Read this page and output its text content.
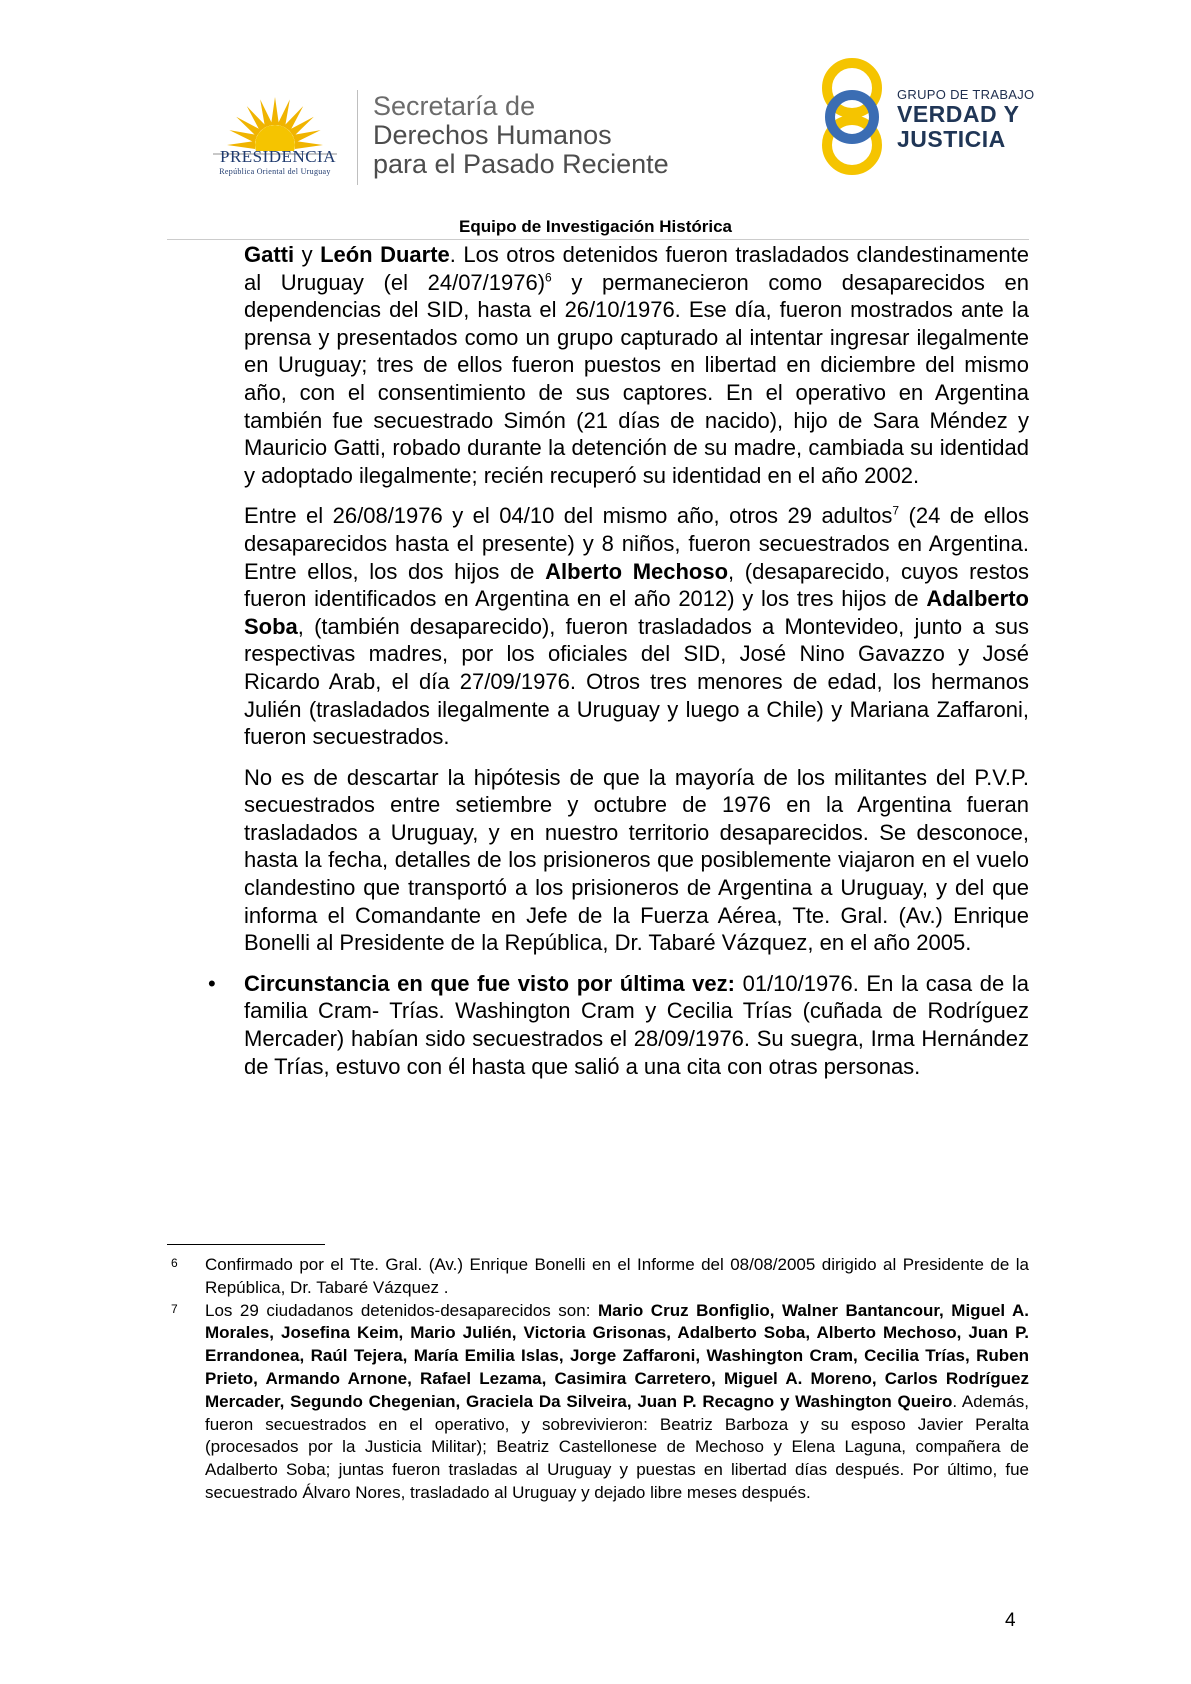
PRESIDENCIA
República Oriental del Uruguay
Secretaría de
Derechos Humanos
para el Pasado Reciente
GRUPO DE TRABAJO
VERDAD Y
JUSTICIA
Equipo de Investigación Histórica

Gatti y León Duarte. Los otros detenidos fueron trasladados clandestinamente al Uruguay (el 24/07/1976)$^6$ y permanecieron como desaparecidos en dependencias del SID, hasta el 26/10/1976. Ese día, fueron mostrados ante la prensa y presentados como un grupo capturado al intentar ingresar ilegalmente en Uruguay; tres de ellos fueron puestos en libertad en diciembre del mismo año, con el consentimiento de sus captores. En el operativo en Argentina también fue secuestrado Simón (21 días de nacido), hijo de Sara Méndez y Mauricio Gatti, robado durante la detención de su madre, cambiada su identidad y adoptado ilegalmente; recién recuperó su identidad en el año 2002.

Entre el 26/08/1976 y el 04/10 del mismo año, otros 29 adultos$^7$ (24 de ellos desaparecidos hasta el presente) y 8 niños, fueron secuestrados en Argentina. Entre ellos, los dos hijos de Alberto Mechoso, (desaparecido, cuyos restos fueron identificados en Argentina en el año 2012) y los tres hijos de Adalberto Soba, (también desaparecido), fueron trasladados a Montevideo, junto a sus respectivas madres, por los oficiales del SID, José Nino Gavazzo y José Ricardo Arab, el día 27/09/1976. Otros tres menores de edad, los hermanos Julién (trasladados ilegalmente a Uruguay y luego a Chile) y Mariana Zaffaroni, fueron secuestrados.

No es de descartar la hipótesis de que la mayoría de los militantes del P.V.P. secuestrados entre setiembre y octubre de 1976 en la Argentina fueran trasladados a Uruguay, y en nuestro territorio desaparecidos. Se desconoce, hasta la fecha, detalles de los prisioneros que posiblemente viajaron en el vuelo clandestino que transportó a los prisioneros de Argentina a Uruguay, y del que informa el Comandante en Jefe de la Fuerza Aérea, Tte. Gral. (Av.) Enrique Bonelli al Presidente de la República, Dr. Tabaré Vázquez, en el año 2005.

• Circunstancia en que fue visto por última vez: 01/10/1976. En la casa de la familia Cram- Trías. Washington Cram y Cecilia Trías (cuñada de Rodríguez Mercader) habían sido secuestrados el 28/09/1976. Su suegra, Irma Hernández de Trías, estuvo con él hasta que salió a una cita con otras personas.
6 Confirmado por el Tte. Gral. (Av.) Enrique Bonelli en el Informe del 08/08/2005 dirigido al Presidente de la República, Dr. Tabaré Vázquez .
7 Los 29 ciudadanos detenidos-desaparecidos son: Mario Cruz Bonfiglio, Walner Bantancour, Miguel A. Morales, Josefina Keim, Mario Julién, Victoria Grisonas, Adalberto Soba, Alberto Mechoso, Juan P. Errandonea, Raúl Tejera, María Emilia Islas, Jorge Zaffaroni, Washington Cram, Cecilia Trías, Ruben Prieto, Armando Arnone, Rafael Lezama, Casimira Carretero, Miguel A. Moreno, Carlos Rodríguez Mercader, Segundo Chegenian, Graciela Da Silveira, Juan P. Recagno y Washington Queiro. Además, fueron secuestrados en el operativo, y sobrevivieron: Beatriz Barboza y su esposo Javier Peralta (procesados por la Justicia Militar); Beatriz Castellonese de Mechoso y Elena Laguna, compañera de Adalberto Soba; juntas fueron trasladas al Uruguay y puestas en libertad días después. Por último, fue secuestrado Álvaro Nores, trasladado al Uruguay y dejado libre meses después.
4
